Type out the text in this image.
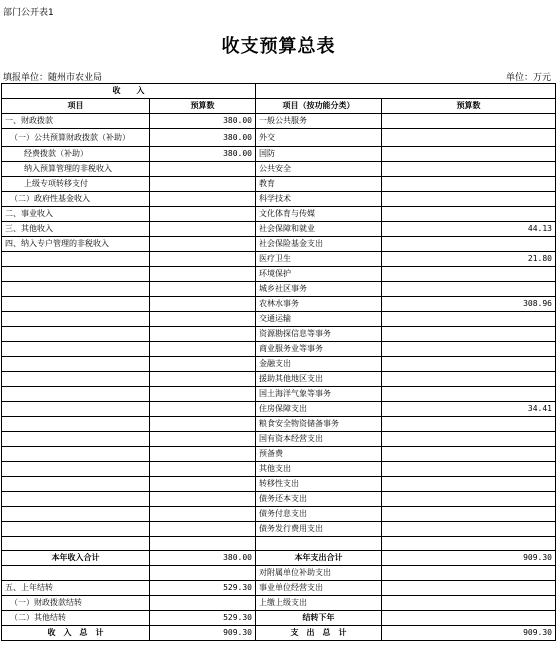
部门公开表1
收支预算总表
填报单位：随州市农业局	单位：万元
收　　入			
项目	预算数	项目（按功能分类）	预算数
一、财政拨款	380.00	一般公共服务	
（一）公共预算财政拨款（补助）	380.00	外交	
经费拨款（补助）	380.00	国防	
纳入预算管理的非税收入		公共安全	
上级专项转移支付		教育	
（二）政府性基金收入		科学技术	
二、事业收入		文化体育与传媒	
三、其他收入		社会保障和就业	44.13
四、纳入专户管理的非税收入		社会保险基金支出	
		医疗卫生	21.80
		环境保护	
		城乡社区事务	
		农林水事务	308.96
		交通运输	
		资源勘探信息等事务	
		商业服务业等事务	
		金融支出	
		援助其他地区支出	
		国土海洋气象等事务	
		住房保障支出	34.41
		粮食安全物资储备事务	
		国有资本经营支出	
		预备费	
		其他支出	
		转移性支出	
		债务还本支出	
		债务付息支出	
		债务发行费用支出	

本年收入合计	380.00	本年支出合计	909.30
		对附属单位补助支出	
五、上年结转	529.30	事业单位经营支出	
（一）财政拨款结转		上缴上级支出	
（二）其他结转	529.30	结转下年	
收　入　总　计	909.30	支　出　总　计	909.30
